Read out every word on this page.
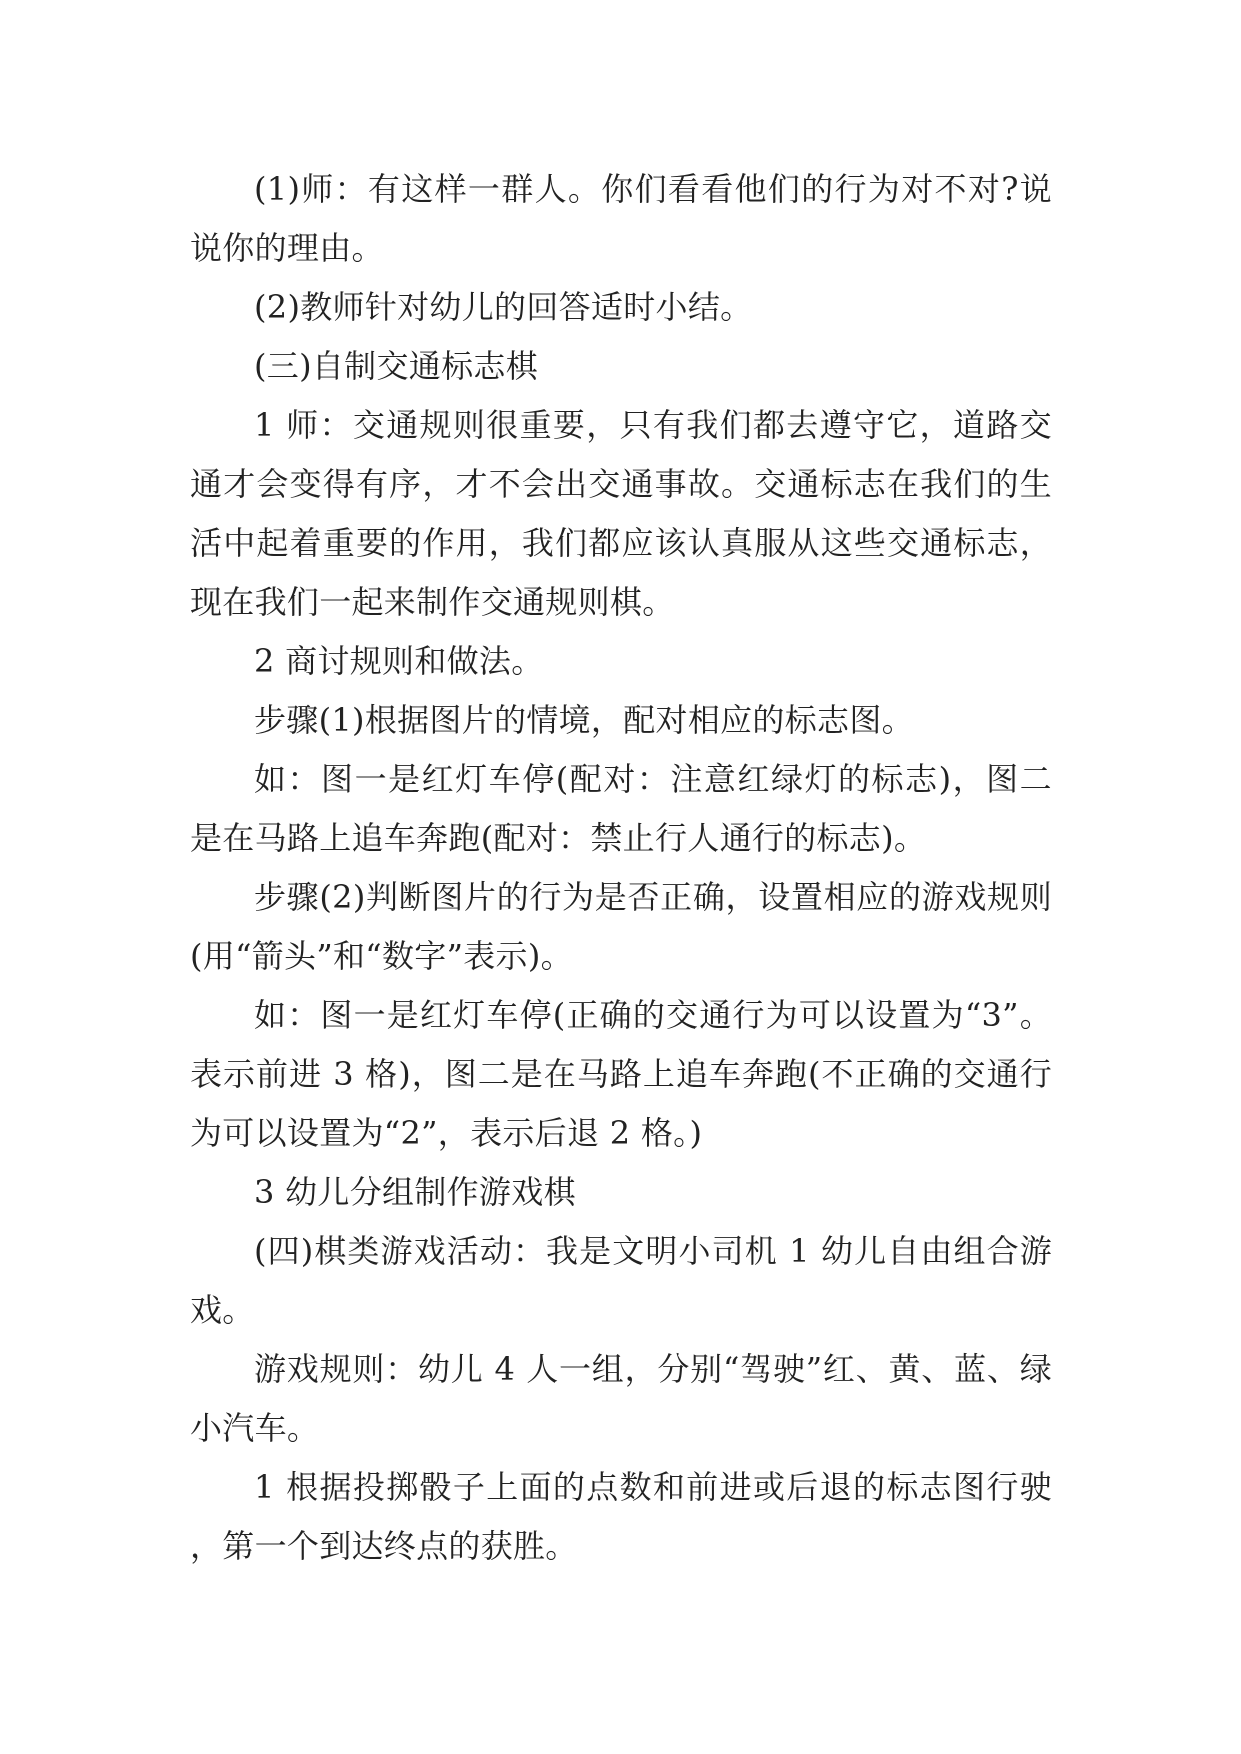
(1)师：有这样一群人。你们看看他们的行为对不对?说说你的理由。

(2)教师针对幼儿的回答适时小结。

(三)自制交通标志棋

1 师：交通规则很重要，只有我们都去遵守它，道路交通才会变得有序，才不会出交通事故。交通标志在我们的生活中起着重要的作用，我们都应该认真服从这些交通标志，现在我们一起来制作交通规则棋。

2 商讨规则和做法。

步骤(1)根据图片的情境，配对相应的标志图。

如：图一是红灯车停(配对：注意红绿灯的标志)，图二是在马路上追车奔跑(配对：禁止行人通行的标志)。

步骤(2)判断图片的行为是否正确，设置相应的游戏规则(用“箭头”和“数字”表示)。

如：图一是红灯车停(正确的交通行为可以设置为“3”。表示前进 3 格)，图二是在马路上追车奔跑(不正确的交通行为可以设置为“2”，表示后退 2 格。)

3 幼儿分组制作游戏棋

(四)棋类游戏活动：我是文明小司机 1 幼儿自由组合游戏。

游戏规则：幼儿 4 人一组，分别“驾驶”红、黄、蓝、绿小汽车。

1 根据投掷骰子上面的点数和前进或后退的标志图行驶，第一个到达终点的获胜。
